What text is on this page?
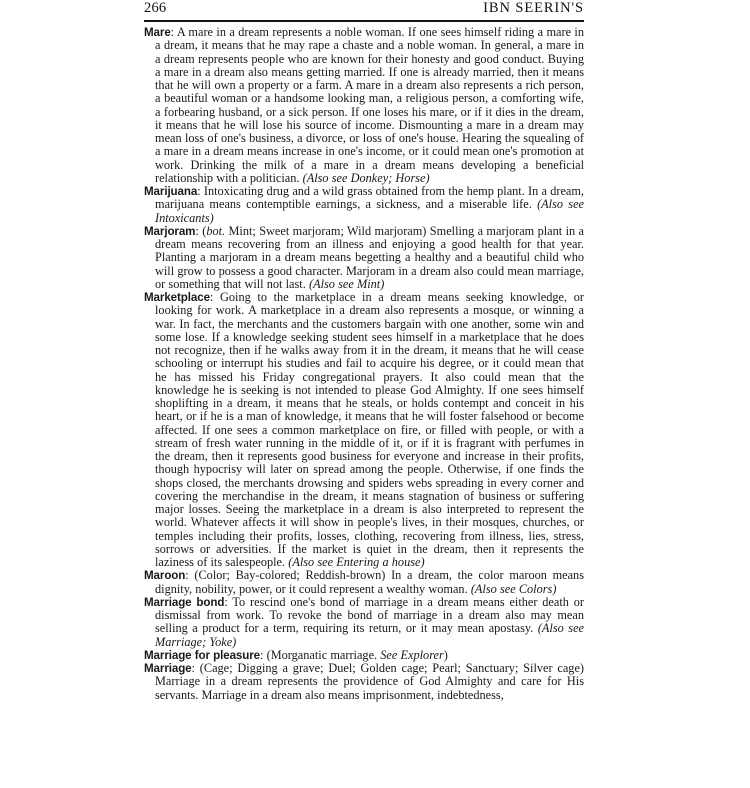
266	IBN SEERIN'S

Mare: A mare in a dream represents a noble woman. If one sees himself riding a mare in a dream, it means that he may rape a chaste and a noble woman. In general, a mare in a dream represents people who are known for their honesty and good conduct. Buying a mare in a dream also means getting married. If one is already married, then it means that he will own a property or a farm. A mare in a dream also represents a rich person, a beautiful woman or a handsome looking man, a religious person, a comforting wife, a forbearing husband, or a sick person. If one loses his mare, or if it dies in the dream, it means that he will lose his source of income. Dismounting a mare in a dream may mean loss of one's business, a divorce, or loss of one's house. Hearing the squealing of a mare in a dream means increase in one's income, or it could mean one's promotion at work. Drinking the milk of a mare in a dream means developing a beneficial relationship with a politician. (Also see Donkey; Horse)

Marijuana: Intoxicating drug and a wild grass obtained from the hemp plant. In a dream, marijuana means contemptible earnings, a sickness, and a miserable life. (Also see Intoxicants)

Marjoram: (bot. Mint; Sweet marjoram; Wild marjoram) Smelling a marjoram plant in a dream means recovering from an illness and enjoying a good health for that year. Planting a marjoram in a dream means begetting a healthy and a beautiful child who will grow to possess a good character. Marjoram in a dream also could mean marriage, or something that will not last. (Also see Mint)

Marketplace: Going to the marketplace in a dream means seeking knowledge, or looking for work. A marketplace in a dream also represents a mosque, or winning a war. In fact, the merchants and the customers bargain with one another, some win and some lose. If a knowledge seeking student sees himself in a marketplace that he does not recognize, then if he walks away from it in the dream, it means that he will cease schooling or interrupt his studies and fail to acquire his degree, or it could mean that he has missed his Friday congregational prayers. It also could mean that the knowledge he is seeking is not intended to please God Almighty. If one sees himself shoplifting in a dream, it means that he steals, or holds contempt and conceit in his heart, or if he is a man of knowledge, it means that he will foster falsehood or become affected. If one sees a common marketplace on fire, or filled with people, or with a stream of fresh water running in the middle of it, or if it is fragrant with perfumes in the dream, then it represents good business for everyone and increase in their profits, though hypocrisy will later on spread among the people. Otherwise, if one finds the shops closed, the merchants drowsing and spiders webs spreading in every corner and covering the merchandise in the dream, it means stagnation of business or suffering major losses. Seeing the marketplace in a dream is also interpreted to represent the world. Whatever affects it will show in people's lives, in their mosques, churches, or temples including their profits, losses, clothing, recovering from illness, lies, stress, sorrows or adversities. If the market is quiet in the dream, then it represents the laziness of its salespeople. (Also see Entering a house)

Maroon: (Color; Bay-colored; Reddish-brown) In a dream, the color maroon means dignity, nobility, power, or it could represent a wealthy woman. (Also see Colors)

Marriage bond: To rescind one's bond of marriage in a dream means either death or dismissal from work. To revoke the bond of marriage in a dream also may mean selling a product for a term, requiring its return, or it may mean apostasy. (Also see Marriage; Yoke)

Marriage for pleasure: (Morganatic marriage. See Explorer)

Marriage: (Cage; Digging a grave; Duel; Golden cage; Pearl; Sanctuary; Silver cage) Marriage in a dream represents the providence of God Almighty and care for His servants. Marriage in a dream also means imprisonment, indebtedness,
